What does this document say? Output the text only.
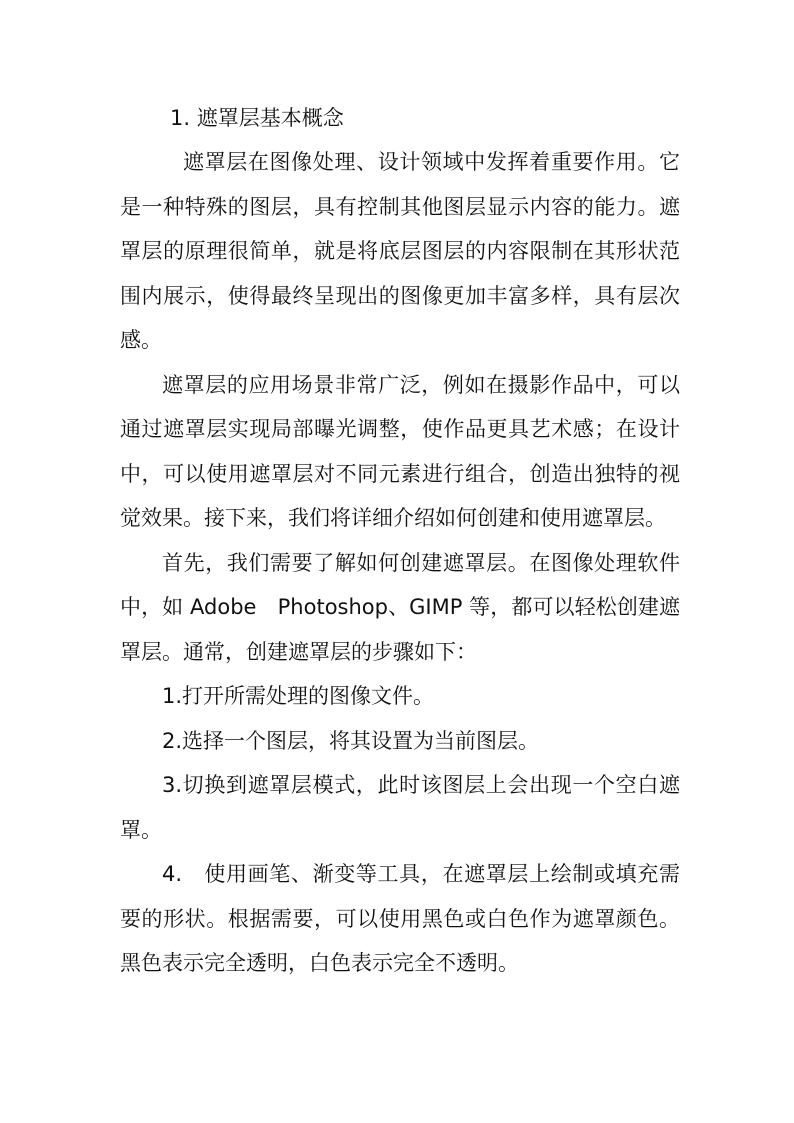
1. 遮罩层基本概念

遮罩层在图像处理、设计领域中发挥着重要作用。它是一种特殊的图层，具有控制其他图层显示内容的能力。遮罩层的原理很简单，就是将底层图层的内容限制在其形状范围内展示，使得最终呈现出的图像更加丰富多样，具有层次感。

遮罩层的应用场景非常广泛，例如在摄影作品中，可以通过遮罩层实现局部曝光调整，使作品更具艺术感；在设计中，可以使用遮罩层对不同元素进行组合，创造出独特的视觉效果。接下来，我们将详细介绍如何创建和使用遮罩层。

首先，我们需要了解如何创建遮罩层。在图像处理软件中，如 Adobe　Photoshop、GIMP 等，都可以轻松创建遮罩层。通常，创建遮罩层的步骤如下：

1.打开所需处理的图像文件。

2.选择一个图层，将其设置为当前图层。

3.切换到遮罩层模式，此时该图层上会出现一个空白遮罩。

4.　使用画笔、渐变等工具，在遮罩层上绘制或填充需要的形状。根据需要，可以使用黑色或白色作为遮罩颜色。黑色表示完全透明，白色表示完全不透明。
